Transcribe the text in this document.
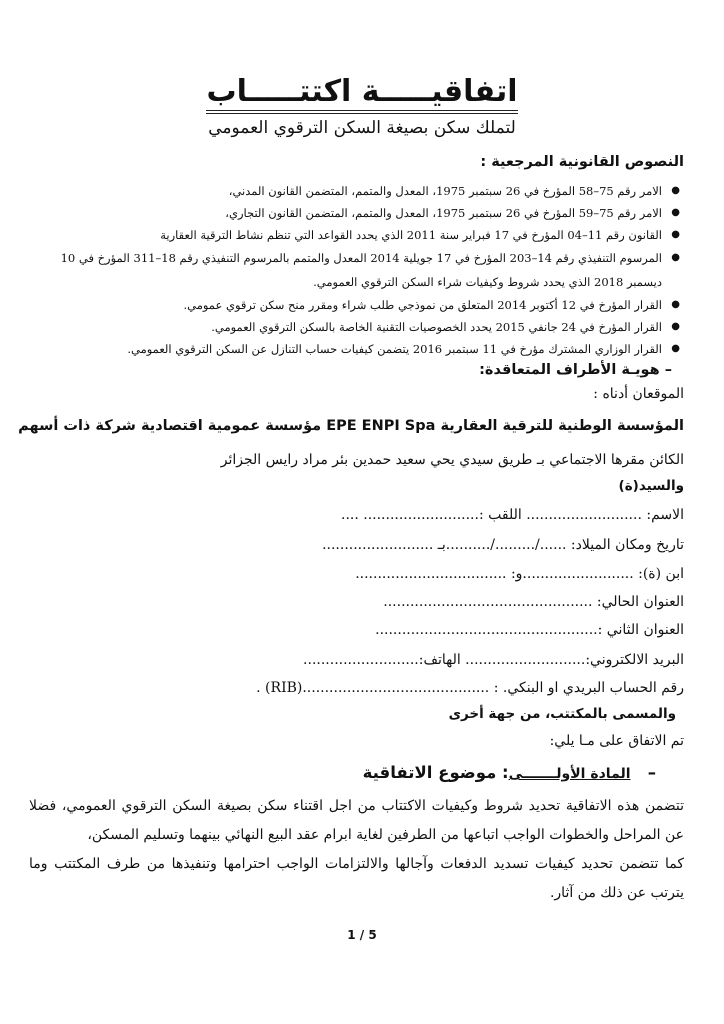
اتفاقيـــــة اكتتـــــاب
لتملك سكن بصيغة السكن الترقوي العمومي
النصوص القانونية المرجعية :
●
الامر رقم 75–58 المؤرخ في 26 سبتمبر 1975، المعدل والمتمم، المتضمن القانون المدني،
●
الامر رقم 75–59 المؤرخ في 26 سبتمبر 1975، المعدل والمتمم، المتضمن القانون التجاري،
●
القانون رقم 11–04 المؤرخ في 17 فبراير سنة 2011 الذي يحدد القواعد التي تنظم نشاط الترقية العقارية
●
المرسوم التنفيذي رقم 14–203 المؤرخ في 17 جويلية 2014 المعدل والمتمم بالمرسوم التنفيذي رقم 18–311 المؤرخ في 10 ديسمبر 2018 الذي يحدد شروط وكيفيات شراء السكن الترقوي العمومي.
●
القرار المؤرخ في 12 أكتوبر 2014 المتعلق من نموذجي طلب شراء ومقرر منح سكن ترقوي عمومي.
●
القرار المؤرخ في 24 جانفي 2015 يحدد الخصوصيات التقنية الخاصة بالسكن الترقوي العمومي.
●
القرار الوزاري المشترك مؤرخ في 11 سبتمبر 2016 يتضمن كيفيات حساب التنازل عن السكن الترقوي العمومي.
– هويـة الأطراف المتعاقدة:
الموقعان أدناه :
المؤسسة الوطنية للترقية العقارية EPE ENPI Spa مؤسسة عمومية اقتصادية شركة ذات أسهم
الكائن مقرها الاجتماعي بـ طريق سيدي يحي سعيد حمدين بئر مراد رايس الجزائر
والسيد(ة)
الاسم: .......................... اللقب :.......................... ....
تاريخ ومكان الميلاد: ....../........./..........بـ .........................
ابن (ة): .........................و: ..................................
العنوان الحالي: ...............................................
العنوان الثاني :..................................................
البريد الالكتروني:........................... الهاتف:..........................
رقم الحساب البريدي او البنكي. : ..........................................(RIB) .
والمسمى بالمكتتب، من جهة أخرى
تم الاتفاق على مـا يلي:
–   المادة الأولـــــــى: موضوع الاتفاقية
تتضمن هذه الاتفاقية تحديد شروط وكيفيات الاكتتاب من اجل اقتناء سكن بصيغة السكن الترقوي العمومي، فضلا عن المراحل والخطوات الواجب اتباعها من الطرفين لغاية ابرام عقد البيع النهائي بينهما وتسليم المسكن،
كما تتضمن تحديد كيفيات تسديد الدفعات وآجالها والالتزامات الواجب احترامها وتنفيذها من طرف المكتتب وما يترتب عن ذلك من آثار.
1 / 5
